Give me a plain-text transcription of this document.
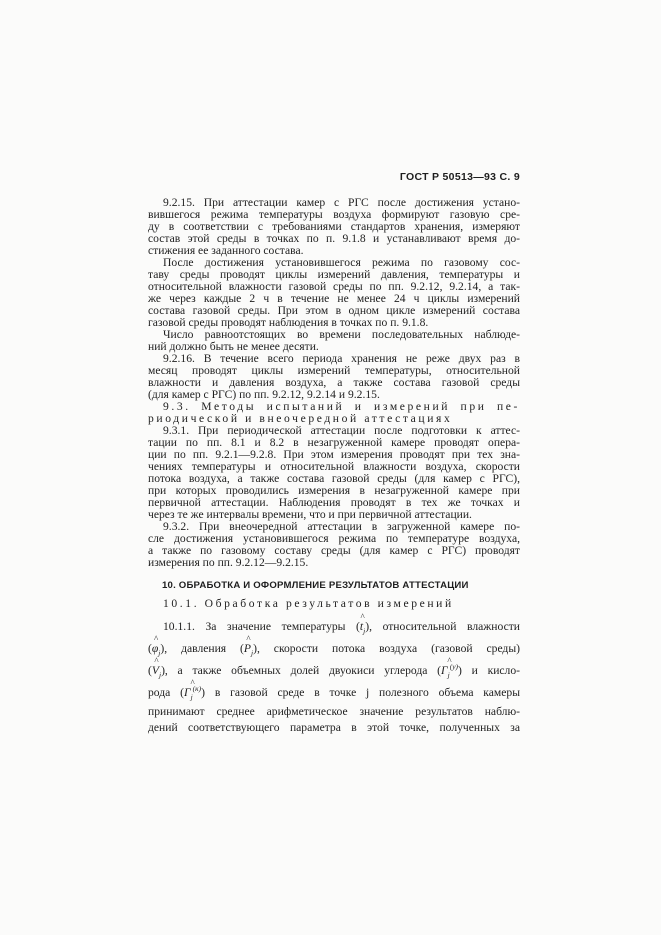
ГОСТ Р 50513—93 С. 9
9.2.15. При аттестации камер с РГС после достижения устано-
вившегося режима температуры воздуха формируют газовую сре-
ду в соответствии с требованиями стандартов хранения, измеряют
состав этой среды в точках по п. 9.1.8 и устанавливают время до-
стижения ее заданного состава.
После достижения установившегося режима по газовому сос-
таву среды проводят циклы измерений давления, температуры и
относительной влажности газовой среды по пп. 9.2.12, 9.2.14, а так-
же через каждые 2 ч в течение не менее 24 ч циклы измерений
состава газовой среды. При этом в одном цикле измерений состава
газовой среды проводят наблюдения в точках по п. 9.1.8.
Число равноотстоящих во времени последовательных наблюде-
ний должно быть не менее десяти.
9.2.16. В течение всего периода хранения не реже двух раз в
месяц проводят циклы измерений температуры, относительной
влажности и давления воздуха, а также состава газовой среды
(для камер с РГС) по пп. 9.2.12, 9.2.14 и 9.2.15.
9.3. Методы испытаний и измерений при пе-
риодической и внеочередной аттестациях
9.3.1. При периодической аттестации после подготовки к аттес-
тации по пп. 8.1 и 8.2 в незагруженной камере проводят опера-
ции по пп. 9.2.1—9.2.8. При этом измерения проводят при тех зна-
чениях температуры и относительной влажности воздуха, скорости
потока воздуха, а также состава газовой среды (для камер с РГС),
при которых проводились измерения в незагруженной камере при
первичной аттестации. Наблюдения проводят в тех же точках и
через те же интервалы времени, что и при первичной аттестации.
9.3.2. При внеочередной аттестации в загруженной камере по-
сле достижения установившегося режима по температуре воздуха,
а также по газовому составу среды (для камер с РГС) проводят
измерения по пп. 9.2.12—9.2.15.
10. ОБРАБОТКА И ОФОРМЛЕНИЕ РЕЗУЛЬТАТОВ АТТЕСТАЦИИ
10.1. Обработка результатов измерений
10.1.1. За значение температуры (
^
$t_j$), относительной влажности
(
^
$\varphi_j$), давления (
^
$P_j$), скорости потока воздуха (газовой среды)
(
^
$V_j$), а также объемных долей двуокиси углерода (
^
$Г_j^{(у)}$) и кисло-
рода (
^
$Г_j^{(к)}$) в газовой среде в точке j полезного объема камеры
принимают среднее арифметическое значение результатов наблю-
дений соответствующего параметра в этой точке, полученных за
